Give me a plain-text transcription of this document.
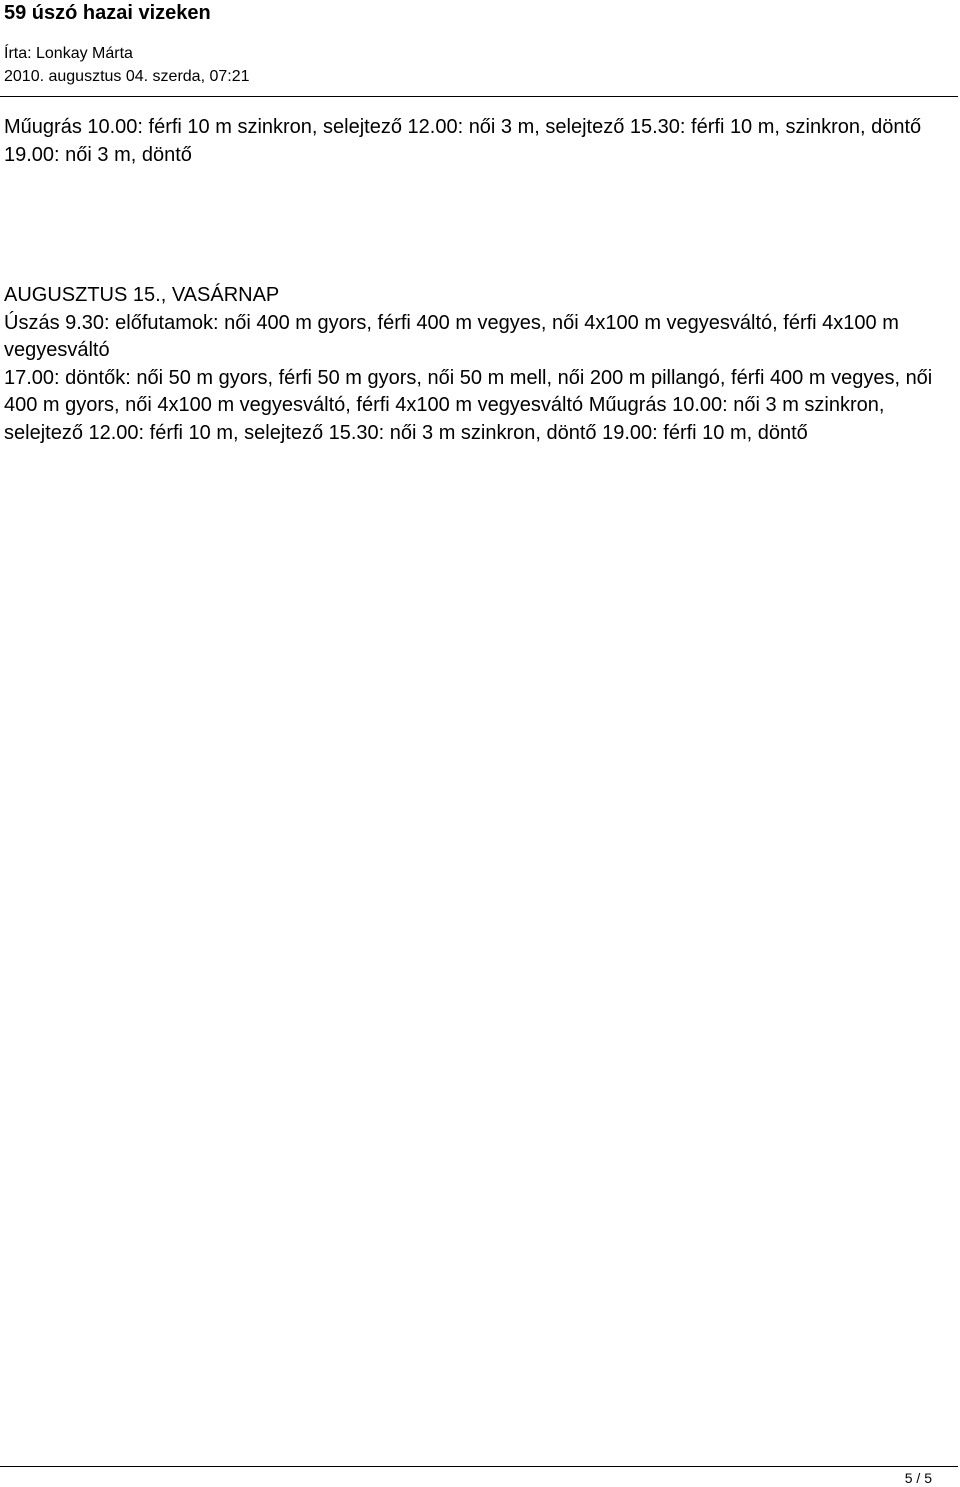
59 úszó hazai vizeken
Írta: Lonkay Márta
2010. augusztus 04. szerda, 07:21

Műugrás 10.00: férfi 10 m szinkron, selejtező 12.00: női 3 m, selejtező 15.30: férfi 10 m, szinkron, döntő 19.00: női 3 m, döntő

AUGUSZTUS 15., VASÁRNAP
Úszás 9.30: előfutamok: női 400 m gyors, férfi 400 m vegyes, női 4x100 m vegyesváltó, férfi 4x100 m vegyesváltó
17.00: döntők: női 50 m gyors, férfi 50 m gyors, női 50 m mell, női 200 m pillangó, férfi 400 m vegyes, női 400 m gyors, női 4x100 m vegyesváltó, férfi 4x100 m vegyesváltó Műugrás 10.00: női 3 m szinkron, selejtező 12.00: férfi 10 m, selejtező 15.30: női 3 m szinkron, döntő 19.00: férfi 10 m, döntő
5 / 5
